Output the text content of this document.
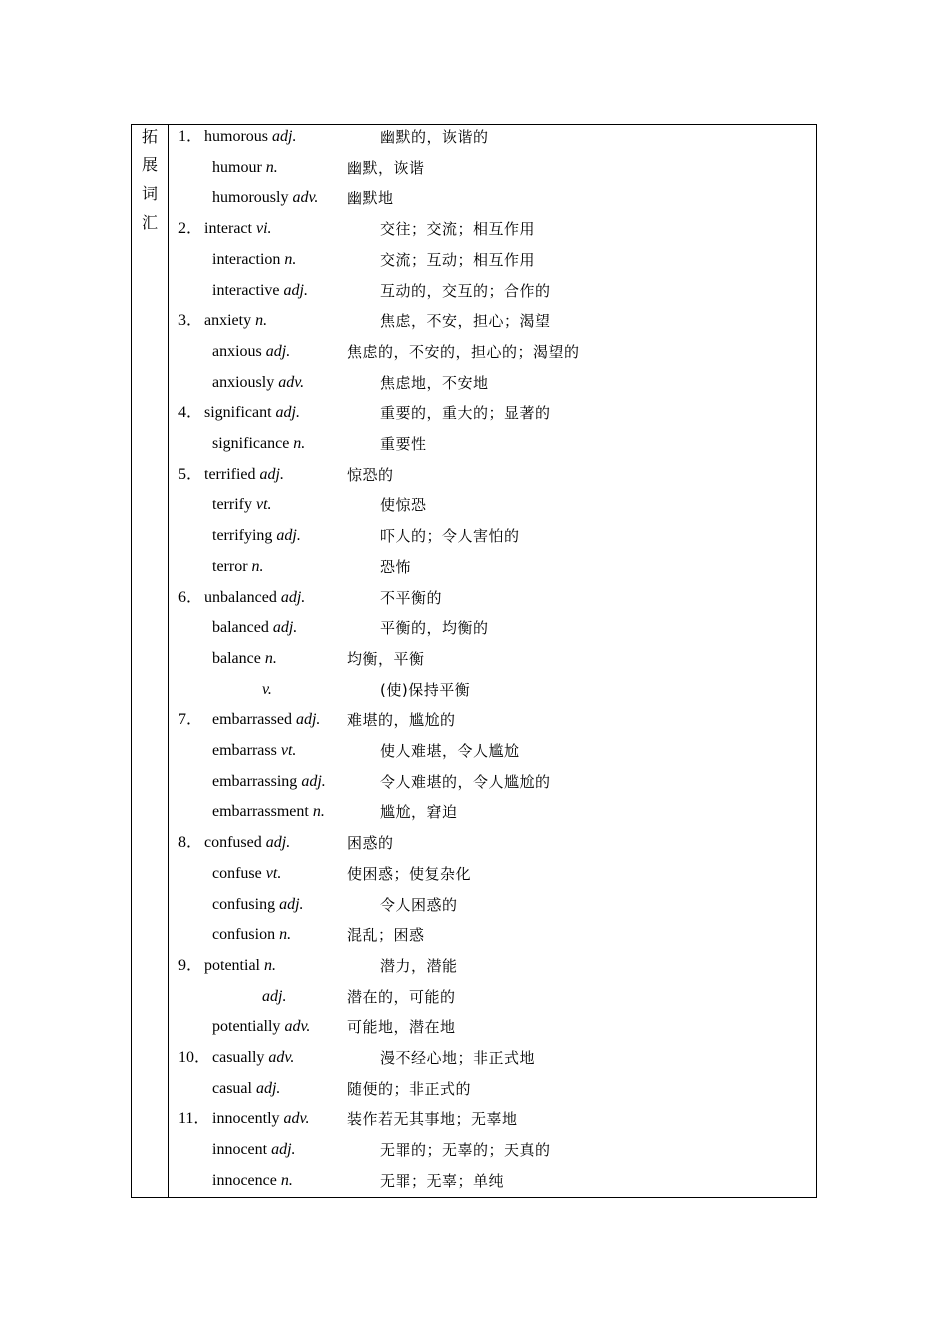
拓
展
词
汇
1． humorous adj.	幽默的，诙谐的
humour n.	幽默，诙谐
humorously adv. 幽默地
2． interact vi.	交往；交流；相互作用
interaction n.	交流；互动；相互作用
interactive adj.	互动的，交互的；合作的
3． anxiety n.	焦虑，不安，担心；渴望
anxious adj.	焦虑的，不安的，担心的；渴望的
anxiously adv.	焦虑地，不安地
4． significant adj.	重要的，重大的；显著的
significance n.	重要性
5． terrified adj.	惊恐的
terrify vt.	使惊恐
terrifying adj.	吓人的；令人害怕的
terror n.	恐怖
6． unbalanced adj.	不平衡的
balanced adj.	平衡的，均衡的
balance n.	均衡，平衡
v.	(使)保持平衡
7． embarrassed adj. 难堪的，尴尬的
embarrass vt.	使人难堪，令人尴尬
embarrassing adj.	令人难堪的，令人尴尬的
embarrassment n.	尴尬，窘迫
8． confused adj.	困惑的
confuse vt.	使困惑；使复杂化
confusing adj.	令人困惑的
confusion n.	混乱；困惑
9． potential n.	潜力，潜能
adj.	潜在的，可能的
potentially adv. 可能地，潜在地
10． casually adv.	漫不经心地；非正式地
casual adj.	随便的；非正式的
11． innocently adv.	装作若无其事地；无辜地
innocent adj.	无罪的；无辜的；天真的
innocence n.	无罪；无辜；单纯
